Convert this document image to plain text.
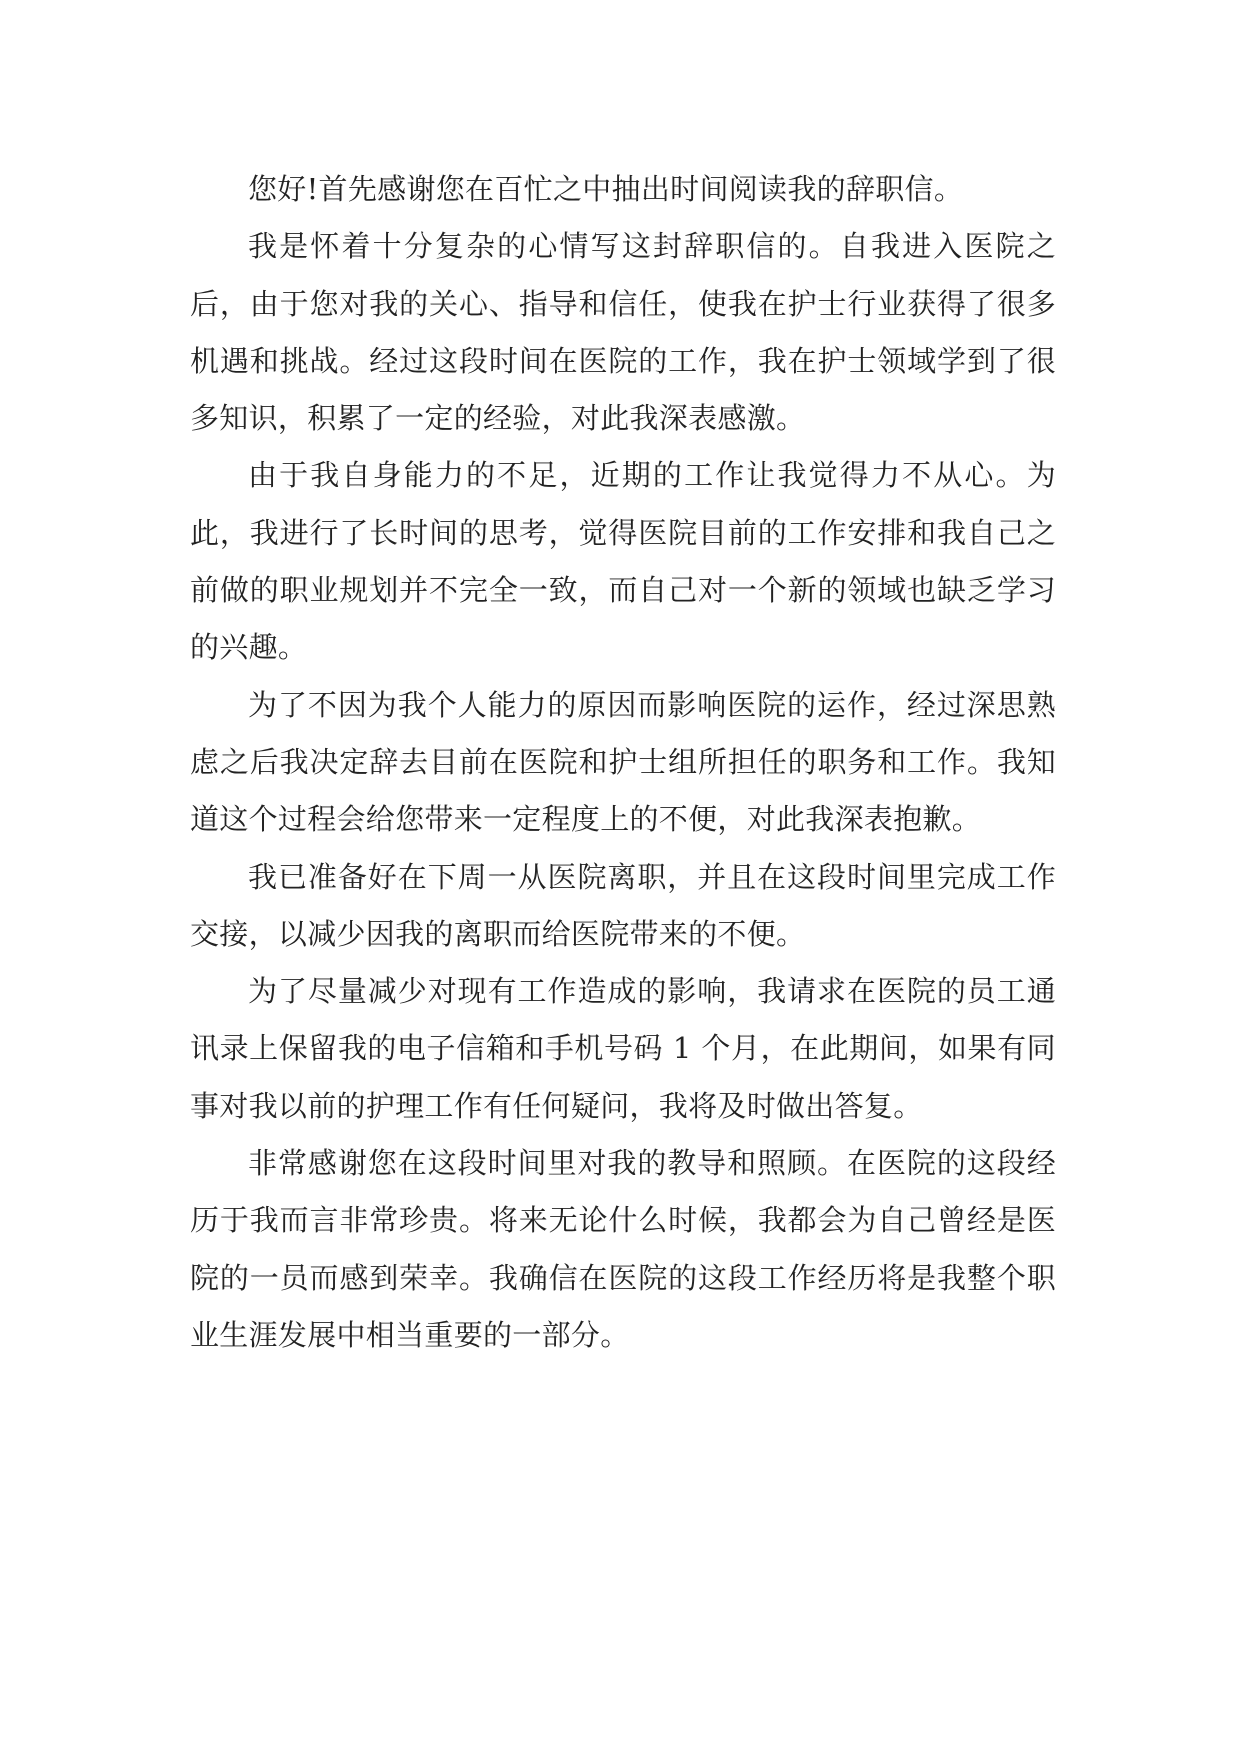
您好!首先感谢您在百忙之中抽出时间阅读我的辞职信。

我是怀着十分复杂的心情写这封辞职信的。自我进入医院之后，由于您对我的关心、指导和信任，使我在护士行业获得了很多机遇和挑战。经过这段时间在医院的工作，我在护士领域学到了很多知识，积累了一定的经验，对此我深表感激。

由于我自身能力的不足，近期的工作让我觉得力不从心。为此，我进行了长时间的思考，觉得医院目前的工作安排和我自己之前做的职业规划并不完全一致，而自己对一个新的领域也缺乏学习的兴趣。

为了不因为我个人能力的原因而影响医院的运作，经过深思熟虑之后我决定辞去目前在医院和护士组所担任的职务和工作。我知道这个过程会给您带来一定程度上的不便，对此我深表抱歉。

我已准备好在下周一从医院离职，并且在这段时间里完成工作交接，以减少因我的离职而给医院带来的不便。

为了尽量减少对现有工作造成的影响，我请求在医院的员工通讯录上保留我的电子信箱和手机号码 1 个月，在此期间，如果有同事对我以前的护理工作有任何疑问，我将及时做出答复。

非常感谢您在这段时间里对我的教导和照顾。在医院的这段经历于我而言非常珍贵。将来无论什么时候，我都会为自己曾经是医院的一员而感到荣幸。我确信在医院的这段工作经历将是我整个职业生涯发展中相当重要的一部分。
